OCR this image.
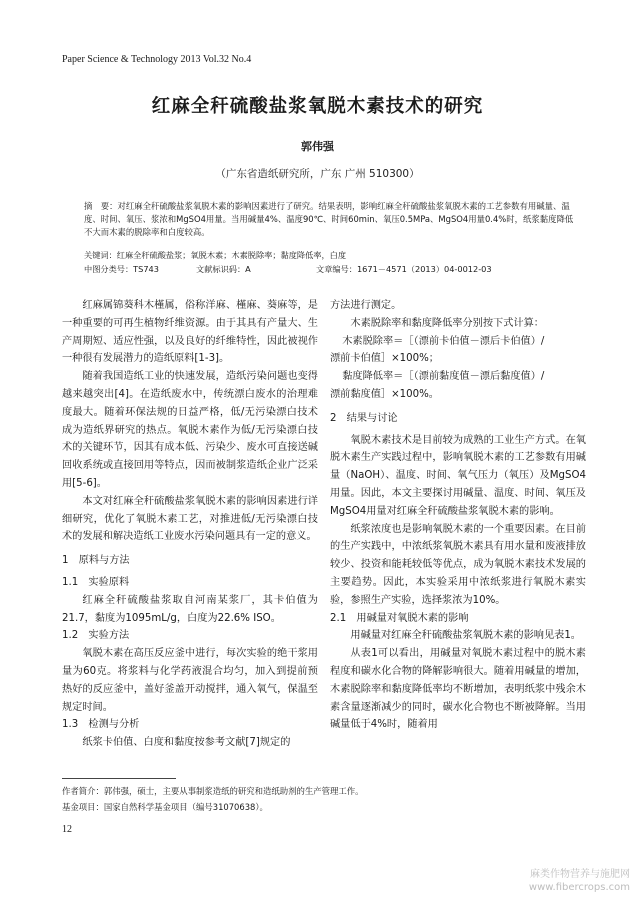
Paper Science & Technology 2013 Vol.32 No.4
红麻全秆硫酸盐浆氧脱木素技术的研究
郭伟强
（广东省造纸研究所，广东 广州 510300）
摘　要：对红麻全秆硫酸盐浆氧脱木素的影响因素进行了研究。结果表明，影响红麻全秆硫酸盐浆氧脱木素的工艺参数有用碱量、温度、时间、氧压、浆浓和MgSO4用量。当用碱量4%、温度90℃、时间60min、氧压0.5MPa、MgSO4用量0.4%时，纸浆黏度降低不大而木素的脱除率和白度较高。
关键词：红麻全秆硫酸盐浆；氧脱木素；木素脱除率；黏度降低率，白度
中图分类号：TS743	文献标识码：A	文章编号：1671－4571（2013）04-0012-03
红麻属锦葵科木槿属，俗称洋麻、槿麻、葵麻等，是一种重要的可再生植物纤维资源。由于其具有产量大、生产周期短、适应性强，以及良好的纤维特性，因此被视作一种很有发展潜力的造纸原料[1-3]。
随着我国造纸工业的快速发展，造纸污染问题也变得越来越突出[4]。在造纸废水中，传统漂白废水的治理难度最大。随着环保法规的日益严格，低/无污染漂白技术成为造纸界研究的热点。氧脱木素作为低/无污染漂白技术的关键环节，因其有成本低、污染少、废水可直接送碱回收系统或直接回用等特点，因而被制浆造纸企业广泛采用[5-6]。
本文对红麻全秆硫酸盐浆氧脱木素的影响因素进行详细研究，优化了氧脱木素工艺，对推进低/无污染漂白技术的发展和解决造纸工业废水污染问题具有一定的意义。
1　原料与方法
1.1　实验原料
红麻全秆硫酸盐浆取自河南某浆厂，其卡伯值为21.7，黏度为1095mL/g，白度为22.6% ISO。
1.2　实验方法
氧脱木素在高压反应釜中进行，每次实验的绝干浆用量为60克。将浆料与化学药液混合均匀，加入到提前预热好的反应釜中，盖好釜盖开动搅拌，通入氧气，保温至规定时间。
1.3　检测与分析
纸浆卡伯值、白度和黏度按参考文献[7]规定的
方法进行测定。
木素脱除率和黏度降低率分别按下式计算：
木素脱除率＝［（漂前卡伯值－漂后卡伯值）/
漂前卡伯值］×100%；
黏度降低率＝［（漂前黏度值－漂后黏度值）/
漂前黏度值］×100%。
2　结果与讨论
氧脱木素技术是目前较为成熟的工业生产方式。在氧脱木素生产实践过程中，影响氧脱木素的工艺参数有用碱量（NaOH）、温度、时间、氧气压力（氧压）及MgSO4用量。因此，本文主要探讨用碱量、温度、时间、氧压及MgSO4用量对红麻全秆硫酸盐浆氧脱木素的影响。
纸浆浓度也是影响氧脱木素的一个重要因素。在目前的生产实践中，中浓纸浆氧脱木素具有用水量和废液排放较少、投资和能耗较低等优点，成为氧脱木素技术发展的主要趋势。因此，本实验采用中浓纸浆进行氧脱木素实验，参照生产实验，选择浆浓为10%。
2.1　用碱量对氧脱木素的影响
用碱量对红麻全秆硫酸盐浆氧脱木素的影响见表1。
从表1可以看出，用碱量对氧脱木素过程中的脱木素程度和碳水化合物的降解影响很大。随着用碱量的增加，木素脱除率和黏度降低率均不断增加，表明纸浆中残余木素含量逐渐减少的同时，碳水化合物也不断被降解。当用碱量低于4%时，随着用
作者简介：郭伟强，硕士，主要从事制浆造纸的研究和造纸助剂的生产管理工作。
基金项目：国家自然科学基金项目（编号31070638）。
12
麻类作物营养与施肥网
www.fibercrops.com
